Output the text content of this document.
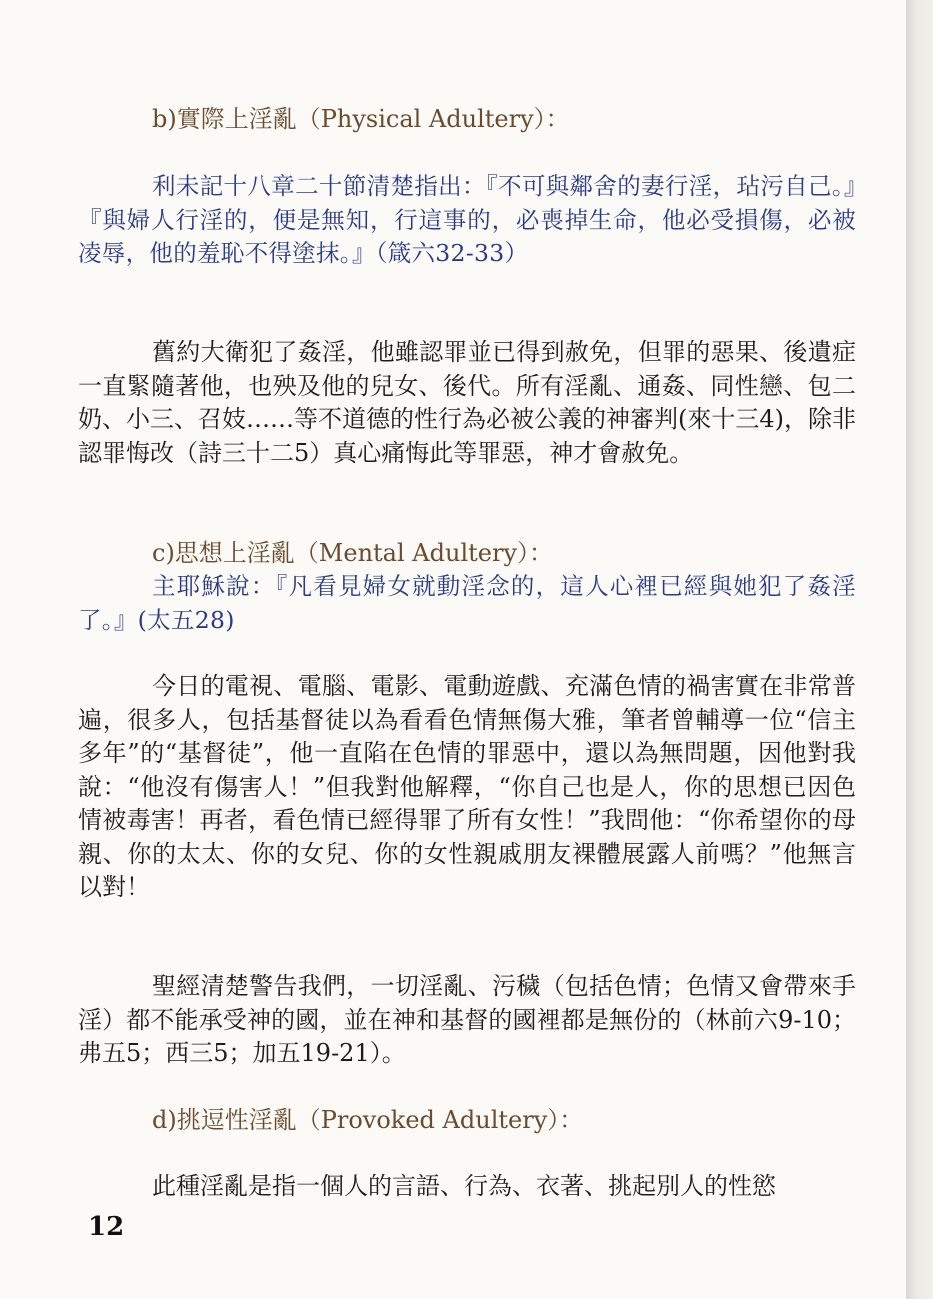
b)實際上淫亂（Physical Adultery）：

利未記十八章二十節清楚指出：『不可與鄰舍的妻行淫，玷污自己。』『與婦人行淫的，便是無知，行這事的，必喪掉生命，他必受損傷，必被凌辱，他的羞恥不得塗抹。』（箴六32-33）

舊約大衛犯了姦淫，他雖認罪並已得到赦免，但罪的惡果、後遺症一直緊隨著他，也殃及他的兒女、後代。所有淫亂、通姦、同性戀、包二奶、小三、召妓……等不道德的性行為必被公義的神審判(來十三4)，除非認罪悔改（詩三十二5）真心痛悔此等罪惡，神才會赦免。

c)思想上淫亂（Mental Adultery）：

主耶穌說：『凡看見婦女就動淫念的，這人心裡已經與她犯了姦淫了。』(太五28)

今日的電視、電腦、電影、電動遊戲、充滿色情的禍害實在非常普遍，很多人，包括基督徒以為看看色情無傷大雅，筆者曾輔導一位“信主多年”的“基督徒”，他一直陷在色情的罪惡中，還以為無問題，因他對我說：“他沒有傷害人！”但我對他解釋，“你自己也是人，你的思想已因色情被毒害！再者，看色情已經得罪了所有女性！”我問他：“你希望你的母親、你的太太、你的女兒、你的女性親戚朋友裸體展露人前嗎？”他無言以對！

聖經清楚警告我們，一切淫亂、污穢（包括色情；色情又會帶來手淫）都不能承受神的國，並在神和基督的國裡都是無份的（林前六9-10；弗五5；西三5；加五19-21）。

d)挑逗性淫亂（Provoked Adultery）：

此種淫亂是指一個人的言語、行為、衣著、挑起別人的性慾

12
